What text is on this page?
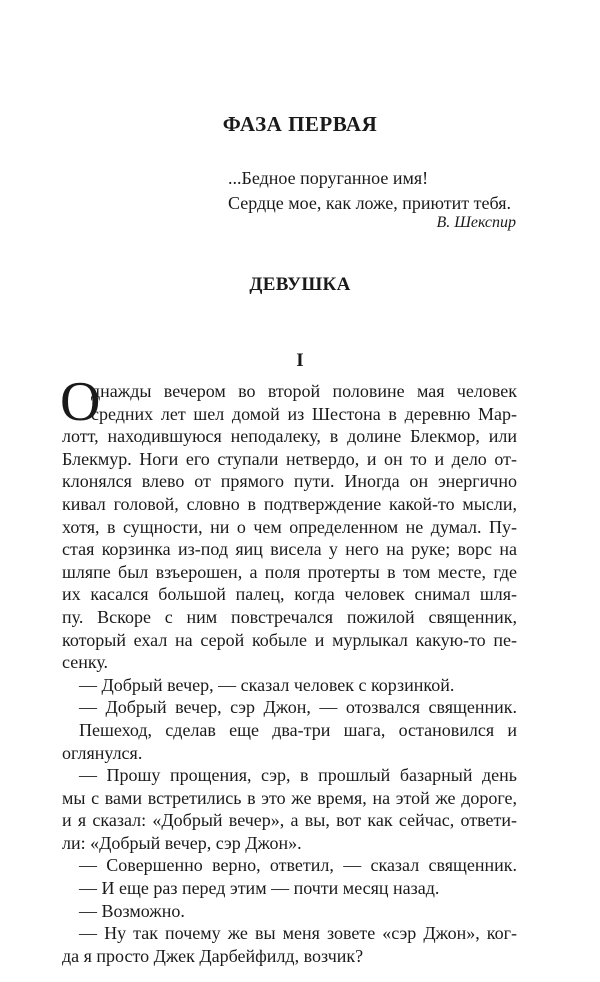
ФАЗА ПЕРВАЯ
...Бедное поруганное имя!
Сердце мое, как ложе, приютит тебя.
В. Шекспир
ДЕВУШКА
I
О
днажды вечером во второй половине мая человек
средних лет шел домой из Шестона в деревню Мар-
лотт, находившуюся неподалеку, в долине Блекмор, или
Блекмур. Ноги его ступали нетвердо, и он то и дело от-
клонялся влево от прямого пути. Иногда он энергично
кивал головой, словно в подтверждение какой-то мысли,
хотя, в сущности, ни о чем определенном не думал. Пу-
стая корзинка из-под яиц висела у него на руке; ворс на
шляпе был взъерошен, а поля протерты в том месте, где
их касался большой палец, когда человек снимал шля-
пу. Вскоре с ним повстречался пожилой священник,
который ехал на серой кобыле и мурлыкал какую-то пе-
сенку.
— Добрый вечер, — сказал человек с корзинкой.
— Добрый вечер, сэр Джон, — отозвался священник.
Пешеход, сделав еще два-три шага, остановился и
оглянулся.
— Прошу прощения, сэр, в прошлый базарный день
мы с вами встретились в это же время, на этой же дороге,
и я сказал: «Добрый вечер», а вы, вот как сейчас, ответи-
ли: «Добрый вечер, сэр Джон».
— Совершенно верно, ответил, — сказал священник.
— И еще раз перед этим — почти месяц назад.
— Возможно.
— Ну так почему же вы меня зовете «сэр Джон», ког-
да я просто Джек Дарбейфилд, возчик?
